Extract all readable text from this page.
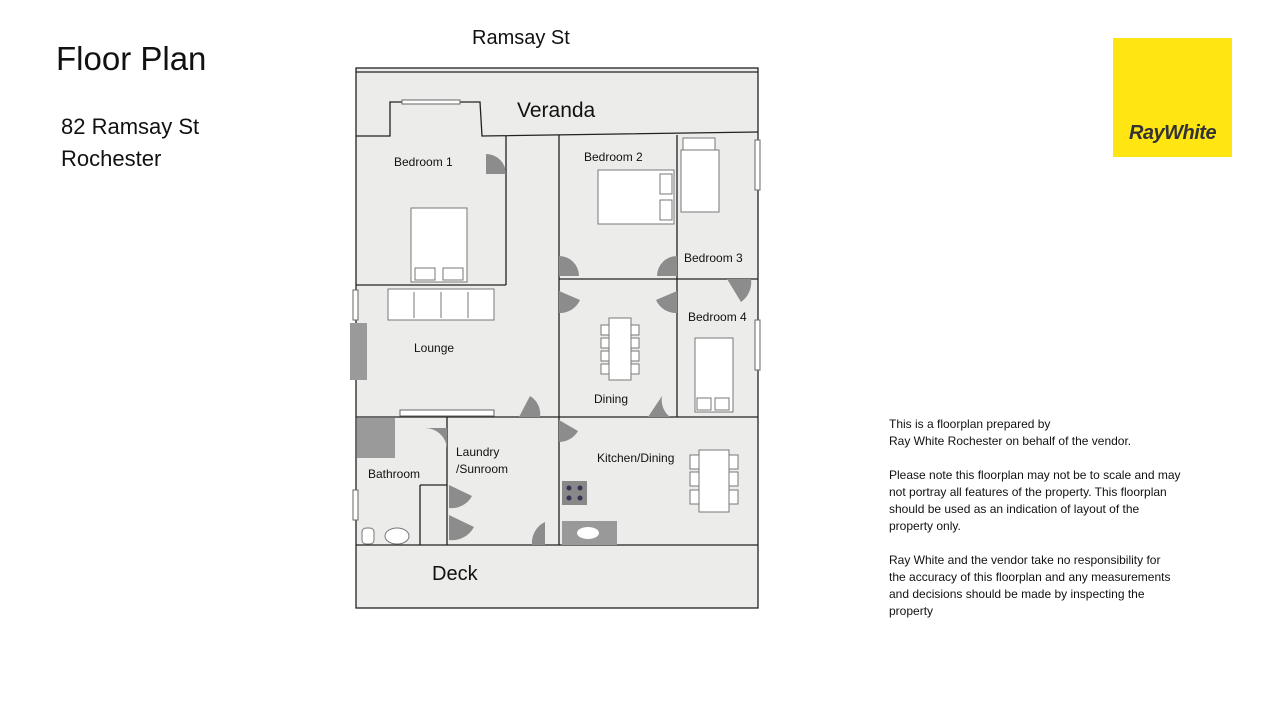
Floor Plan
82 Ramsay St
Rochester
Ramsay St
RayWhite
Veranda
Bedroom 1	Bedroom 2
Bedroom 3
Bedroom 4
Lounge
Dining
Laundry
/Sunroom
Bathroom
Kitchen/Dining
Deck

This is a floorplan prepared by
Ray White Rochester on behalf of the vendor.

Please note this floorplan may not be to scale and may
not portray all features of the property. This floorplan
should be used as an indication of layout of the
property only.

Ray White and the vendor take no responsibility for
the accuracy of this floorplan and any measurements
and decisions should be made by inspecting the
property
